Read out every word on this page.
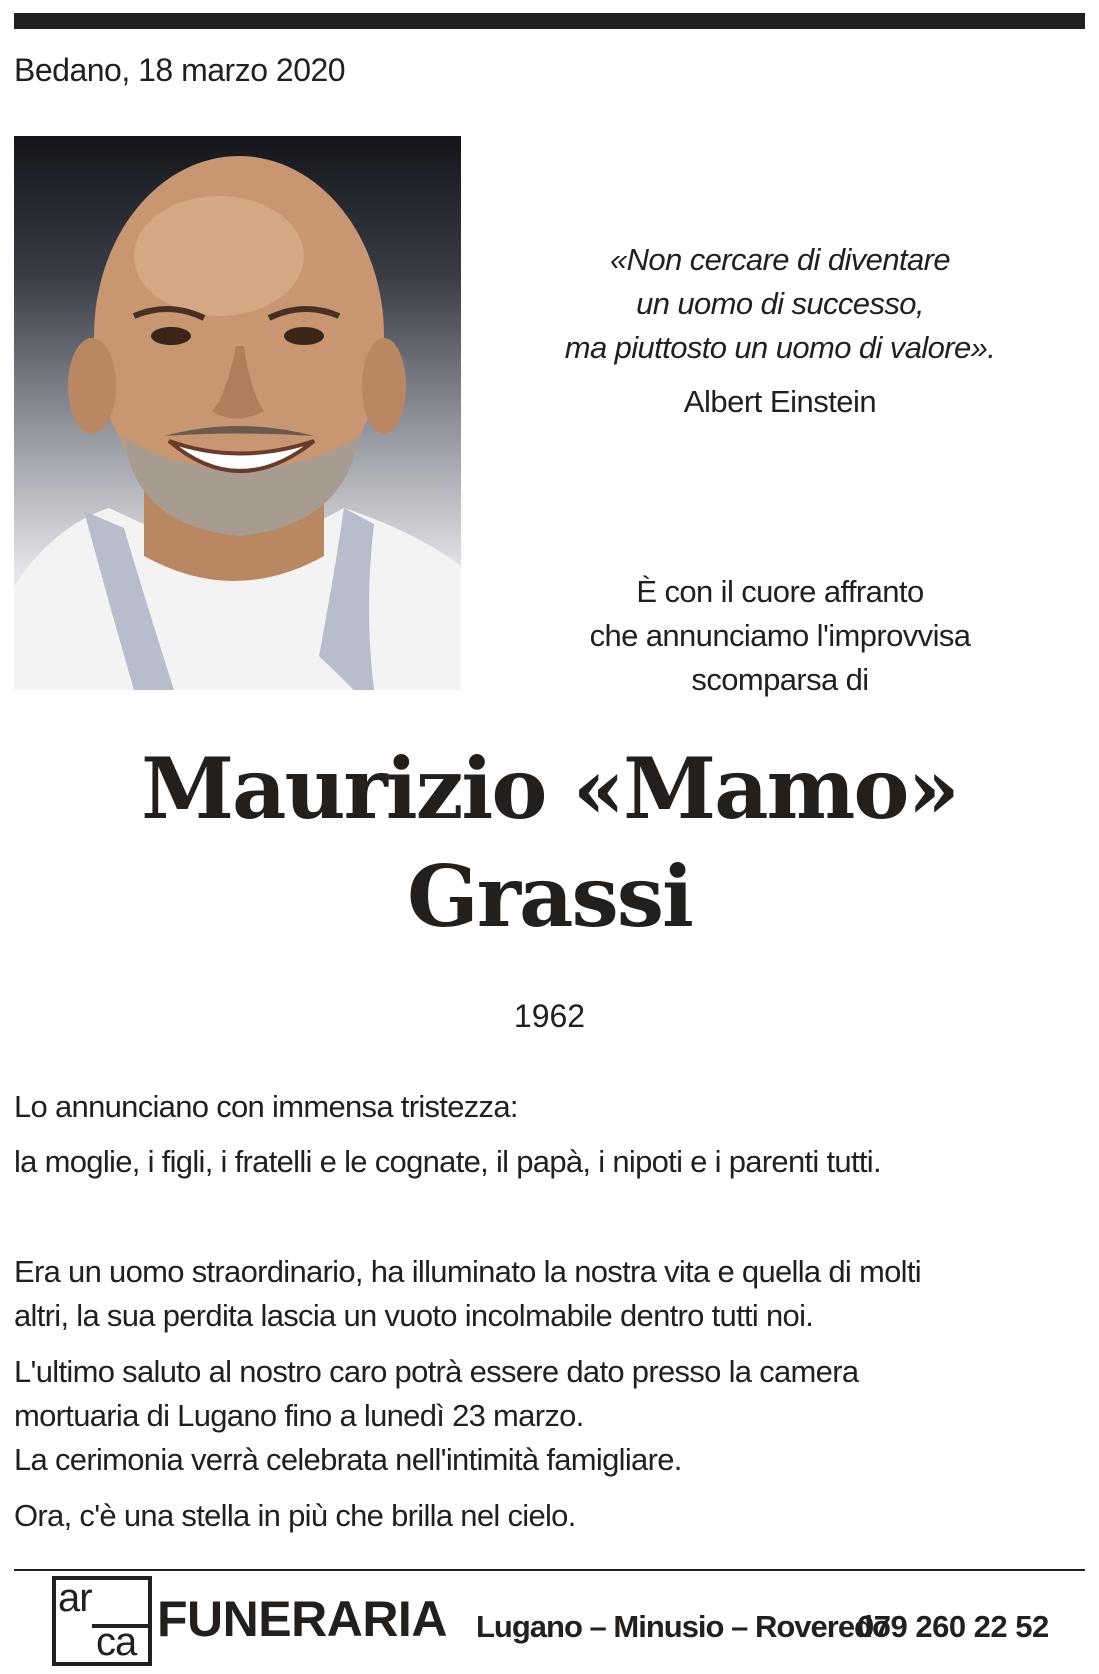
Bedano, 18 marzo 2020
«Non cercare di diventare
un uomo di successo,
ma piuttosto un uomo di valore».
Albert Einstein
È con il cuore affranto
che annunciamo l'improvvisa
scomparsa di
Maurizio «Mamo»
Grassi
1962
Lo annunciano con immensa tristezza:
la moglie, i figli, i fratelli e le cognate, il papà, i nipoti e i parenti tutti.
Era un uomo straordinario, ha illuminato la nostra vita e quella di molti
altri, la sua perdita lascia un vuoto incolmabile dentro tutti noi.
L'ultimo saluto al nostro caro potrà essere dato presso la camera
mortuaria di Lugano fino a lunedì 23 marzo.
La cerimonia verrà celebrata nell'intimità famigliare.
Ora, c'è una stella in più che brilla nel cielo.
ar
ca FUNERARIA Lugano – Minusio – Roveredo
079 260 22 52
